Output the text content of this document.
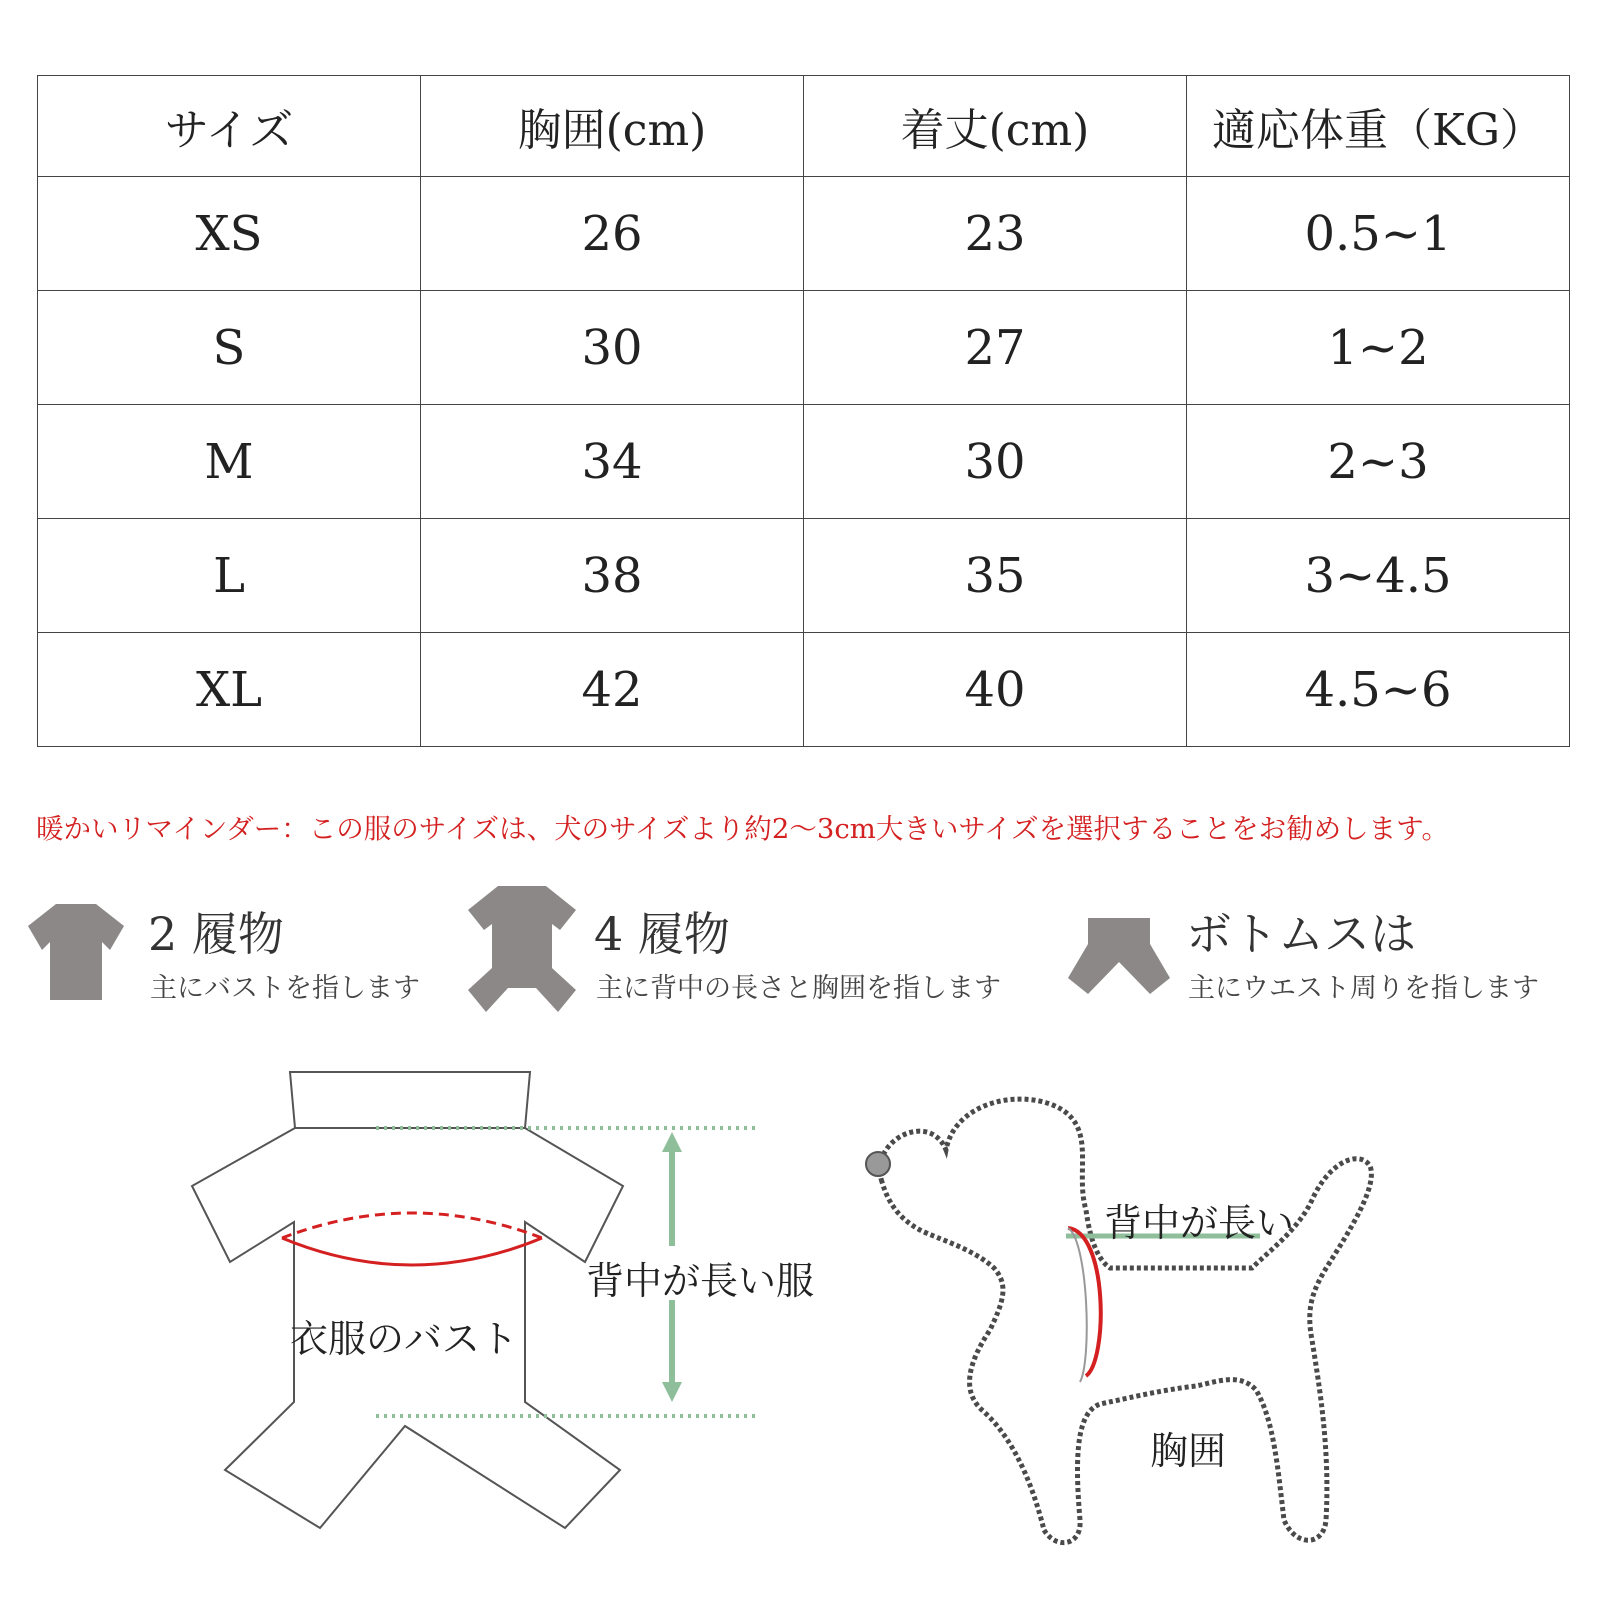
サイズ	胸囲(cm)	着丈(cm)	適応体重（KG）
XS	26	23	0.5~1
S	30	27	1~2
M	34	30	2~3
L	38	35	3~4.5
XL	42	40	4.5~6
暖かいリマインダー：この服のサイズは、犬のサイズより約2〜3cm大きいサイズを選択することをお勧めします。
2 履物
主にバストを指します
4 履物
主に背中の長さと胸囲を指します
ボトムスは
主にウエスト周りを指します
背中が長い服
衣服のバスト
背中が長い
胸囲
